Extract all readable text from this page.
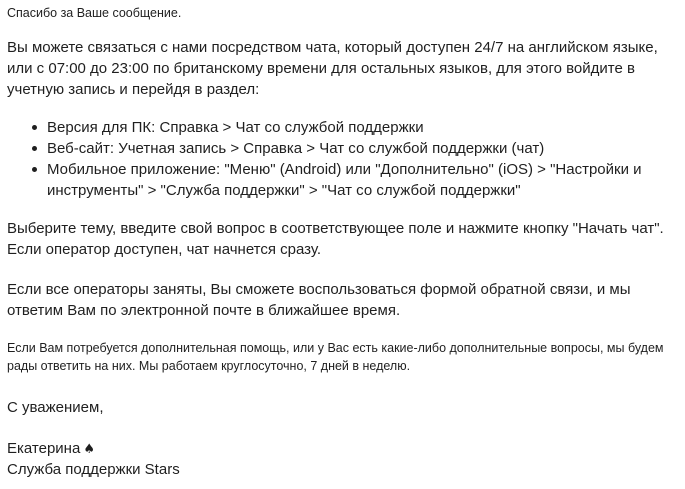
Спасибо за Ваше сообщение.

Вы можете связаться с нами посредством чата, который доступен 24/7 на английском языке, или с 07:00 до 23:00 по британскому времени для остальных языков, для этого войдите в учетную запись и перейдя в раздел:

Версия для ПК: Справка > Чат со службой поддержки
Веб-сайт: Учетная запись > Справка > Чат со службой поддержки (чат)
Мобильное приложение: "Меню" (Android) или "Дополнительно" (iOS) > "Настройки и инструменты" > "Служба поддержки" > "Чат со службой поддержки"

Выберите тему, введите свой вопрос в соответствующее поле и нажмите кнопку "Начать чат". Если оператор доступен, чат начнется сразу.

Если все операторы заняты, Вы сможете воспользоваться формой обратной связи, и мы ответим Вам по электронной почте в ближайшее время.

Если Вам потребуется дополнительная помощь, или у Вас есть какие-либо дополнительные вопросы, мы будем рады ответить на них. Мы работаем круглосуточно, 7 дней в неделю.

С уважением,
Екатерина ♠
Служба поддержки Stars
